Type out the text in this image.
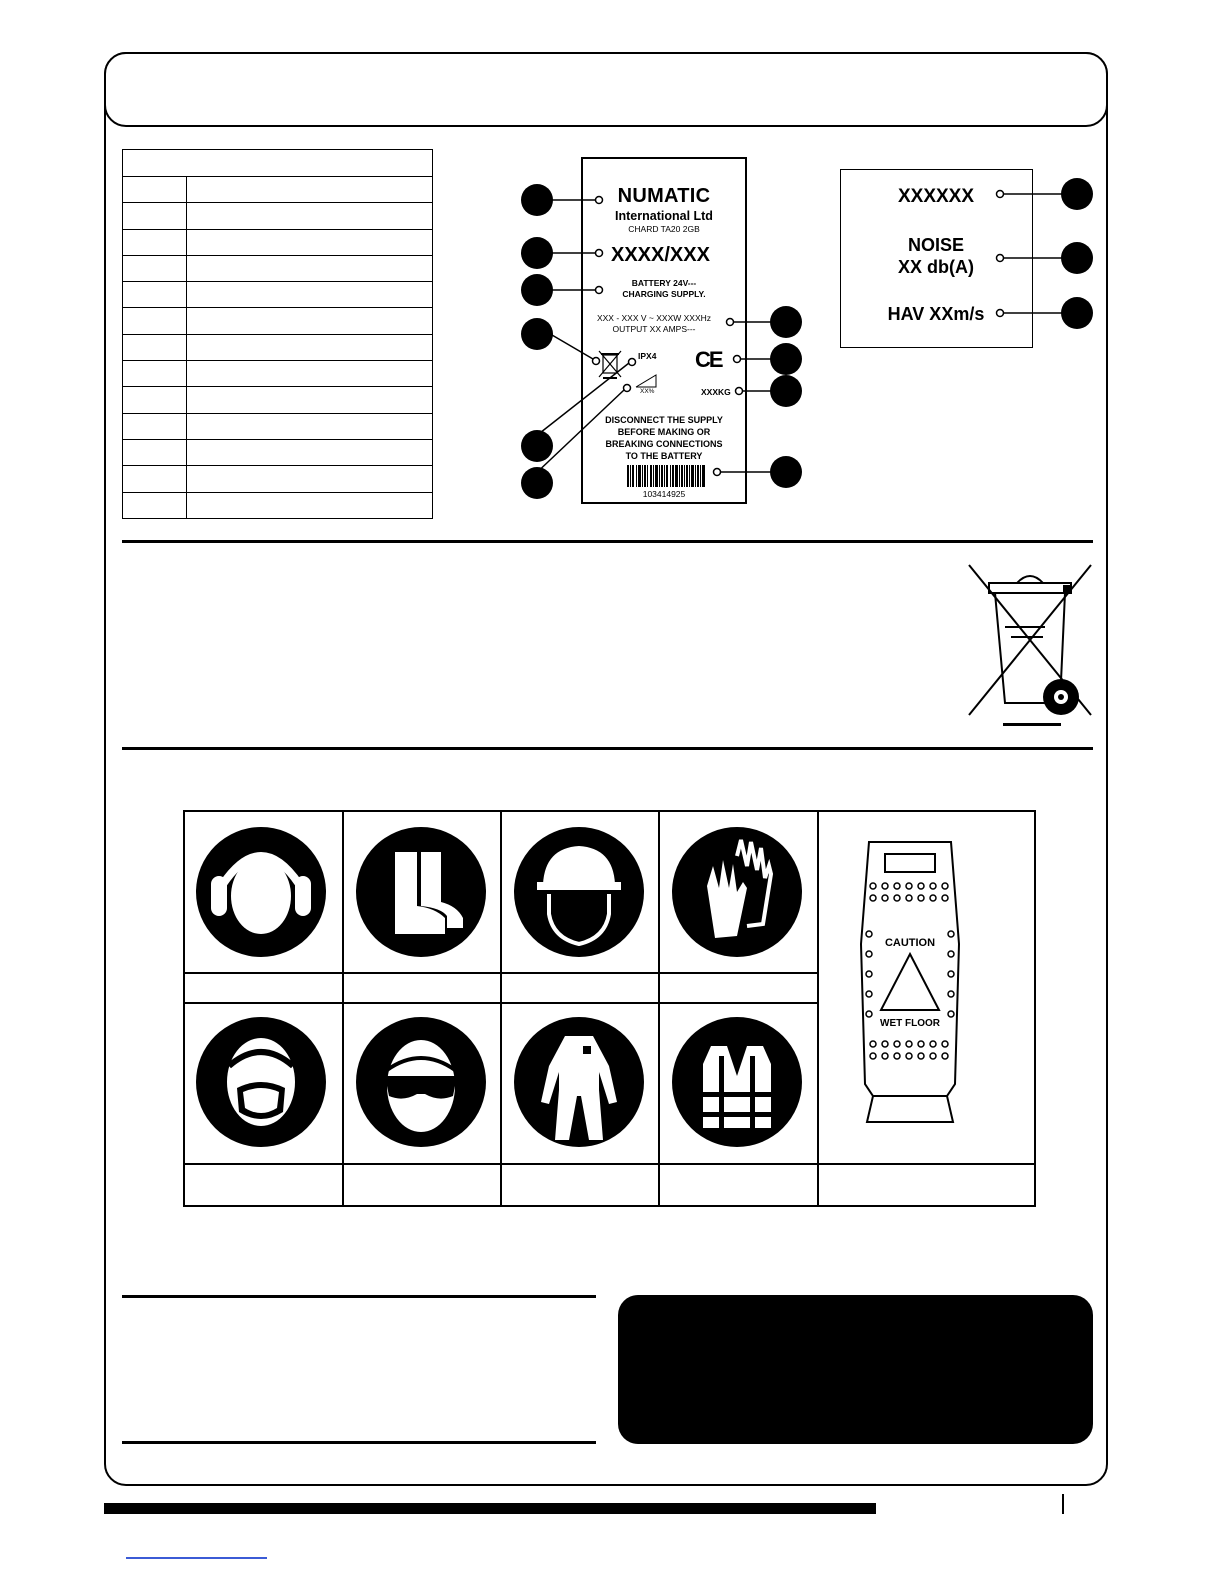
NUMATIC
International Ltd
CHARD TA20 2GB
XXXX/XXX
BATTERY 24V---
CHARGING SUPPLY.
XXX - XXX V ~ XXXW XXXHz
OUTPUT XX AMPS---
IPX4
XX%
CE
XXXKG
DISCONNECT THE SUPPLY
BEFORE MAKING OR
BREAKING CONNECTIONS
TO THE BATTERY
103414925
XXXXXX
NOISE
XX db(A)
HAV XXm/s
CAUTION
WET FLOOR
